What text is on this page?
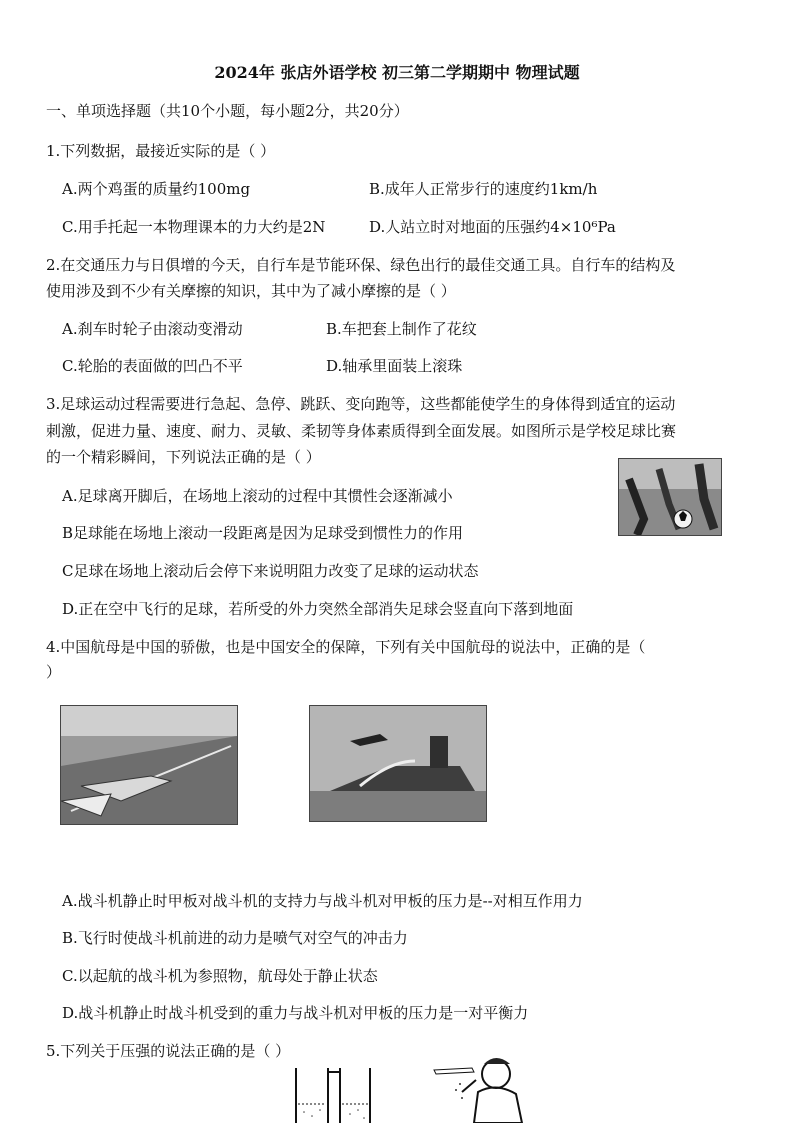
2024年 张店外语学校 初三第二学期期中 物理试题
一、单项选择题（共10个小题，每小题2分，共20分）
1.下列数据，最接近实际的是（ ）
A.两个鸡蛋的质量约100mg	B.成年人正常步行的速度约1km/h
C.用手托起一本物理课本的力大约是2N	D.人站立时对地面的压强约4×10⁶Pa
2.在交通压力与日俱增的今天，自行车是节能环保、绿色出行的最佳交通工具。自行车的结构及
使用涉及到不少有关摩擦的知识，其中为了减小摩擦的是（ ）
A.刹车时轮子由滚动变滑动	B.车把套上制作了花纹
C.轮胎的表面做的凹凸不平	D.轴承里面装上滚珠
3.足球运动过程需要进行急起、急停、跳跃、变向跑等，这些都能使学生的身体得到适宜的运动
刺激，促进力量、速度、耐力、灵敏、柔韧等身体素质得到全面发展。如图所示是学校足球比赛
的一个精彩瞬间，下列说法正确的是（ ）
A.足球离开脚后，在场地上滚动的过程中其惯性会逐渐减小
B足球能在场地上滚动一段距离是因为足球受到惯性力的作用
C足球在场地上滚动后会停下来说明阻力改变了足球的运动状态
D.正在空中飞行的足球，若所受的外力突然全部消失足球会竖直向下落到地面
4.中国航母是中国的骄傲，也是中国安全的保障，下列有关中国航母的说法中，正确的是（
）
A.战斗机静止时甲板对战斗机的支持力与战斗机对甲板的压力是--对相互作用力
B.飞行时使战斗机前进的动力是喷气对空气的冲击力
C.以起航的战斗机为参照物，航母处于静止状态
D.战斗机静止时战斗机受到的重力与战斗机对甲板的压力是一对平衡力
5.下列关于压强的说法正确的是（ ）
